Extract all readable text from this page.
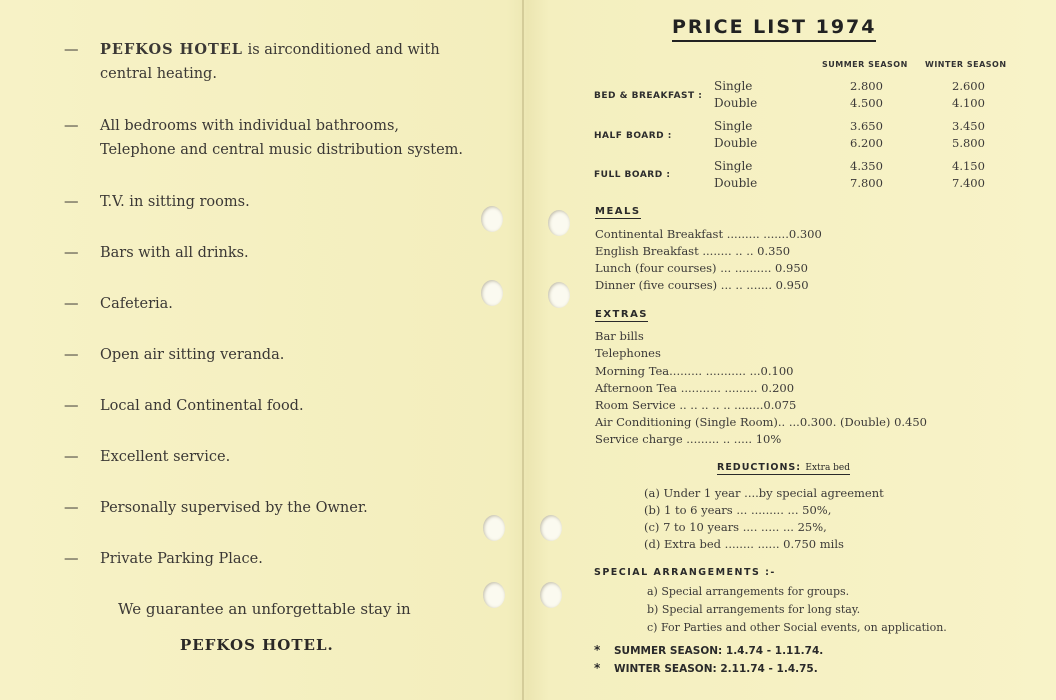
— PEFKOS HOTEL is airconditioned and with
central heating.
— All bedrooms with individual bathrooms,
Telephone and central music distribution system.
— T.V. in sitting rooms.
— Bars with all drinks.
— Cafeteria.
— Open air sitting veranda.
— Local and Continental food.
— Excellent service.
— Personally supervised by the Owner.
— Private Parking Place.
We guarantee an unforgettable stay in
PEFKOS HOTEL.
PRICE LIST 1974
SUMMER SEASON WINTER SEASON
BED & BREAKFAST :
Single
Double
2.800
4.500
2.600
4.100
HALF BOARD :
Single
Double
3.650
6.200
3.450
5.800
FULL BOARD :
Single
Double
4.350
7.800
4.150
7.400
MEALS
Continental Breakfast ......... .......0.300
English Breakfast ........ .. .. 0.350
Lunch (four courses) ... .......... 0.950
Dinner (five courses) ... .. ....... 0.950
EXTRAS
Bar bills
Telephones
Morning Tea......... ........... ...0.100
Afternoon Tea ........... ......... 0.200
Room Service .. .. .. .. .. ........0.075
Air Conditioning (Single Room).. ...0.300. (Double) 0.450
Service charge ......... .. ..... 10%
REDUCTIONS: Extra bed
(a) Under 1 year ....by special agreement
(b) 1 to 6 years ... ......... ... 50%,
(c) 7 to 10 years .... ..... ... 25%,
(d) Extra bed ........ ...... 0.750 mils
SPECIAL ARRANGEMENTS :-
a) Special arrangements for groups.
b) Special arrangements for long stay.
c) For Parties and other Social events, on application.
* SUMMER SEASON: 1.4.74 - 1.11.74.
* WINTER SEASON: 2.11.74 - 1.4.75.
